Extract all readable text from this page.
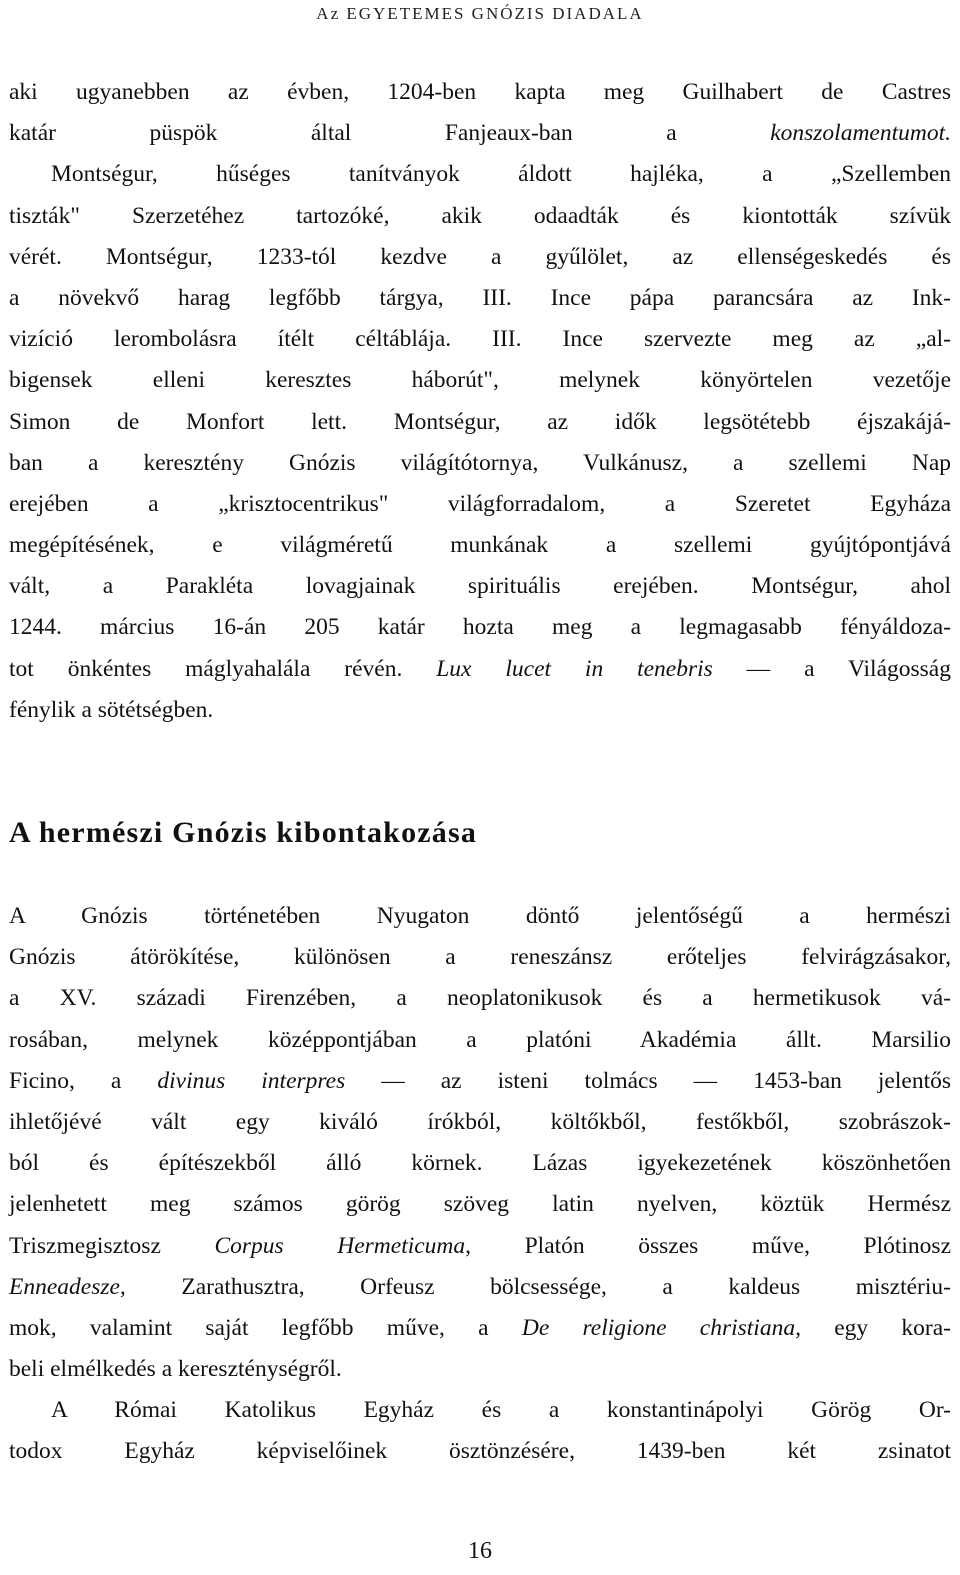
Az EGYETEMES GNÓZIS DIADALA
aki ugyanebben az évben, 1204-ben kapta meg Guilhabert de Castres
katár püspök által Fanjeaux-ban a konszolamentumot.
Montségur, hűséges tanítványok áldott hajléka, a „Szellemben
tiszták" Szerzetéhez tartozóké, akik odaadták és kiontották szívük
vérét. Montségur, 1233-tól kezdve a gyűlölet, az ellenségeskedés és
a növekvő harag legfőbb tárgya, III. Ince pápa parancsára az Ink-
vizíció lerombolásra ítélt céltáblája. III. Ince szervezte meg az „al-
bigensek elleni keresztes háborút", melynek könyörtelen vezetője
Simon de Monfort lett. Montségur, az idők legsötétebb éjszakájá-
ban a keresztény Gnózis világítótornya, Vulkánusz, a szellemi Nap
erejében a „krisztocentrikus" világforradalom, a Szeretet Egyháza
megépítésének, e világméretű munkának a szellemi gyújtópontjává
vált, a Parakléta lovagjainak spirituális erejében. Montségur, ahol
1244. március 16-án 205 katár hozta meg a legmagasabb fényáldoza-
tot önkéntes máglyahalála révén. Lux lucet in tenebris — a Világosság
fénylik a sötétségben.
A hermészi Gnózis kibontakozása
A Gnózis történetében Nyugaton döntő jelentőségű a hermészi
Gnózis átörökítése, különösen a reneszánsz erőteljes felvirágzásakor,
a XV. századi Firenzében, a neoplatonikusok és a hermetikusok vá-
rosában, melynek középpontjában a platóni Akadémia állt. Marsilio
Ficino, a divinus interpres — az isteni tolmács — 1453-ban jelentős
ihletőjévé vált egy kiváló írókból, költőkből, festőkből, szobrászok-
ból és építészekből álló körnek. Lázas igyekezetének köszönhetően
jelenhetett meg számos görög szöveg latin nyelven, köztük Hermész
Triszmegisztosz Corpus Hermeticuma, Platón összes műve, Plótinosz
Enneadesze, Zarathusztra, Orfeusz bölcsessége, a kaldeus misztériu-
mok, valamint saját legfőbb műve, a De religione christiana, egy kora-
beli elmélkedés a kereszténységről.
A Római Katolikus Egyház és a konstantinápolyi Görög Or-
todox Egyház képviselőinek ösztönzésére, 1439-ben két zsinatot
16
